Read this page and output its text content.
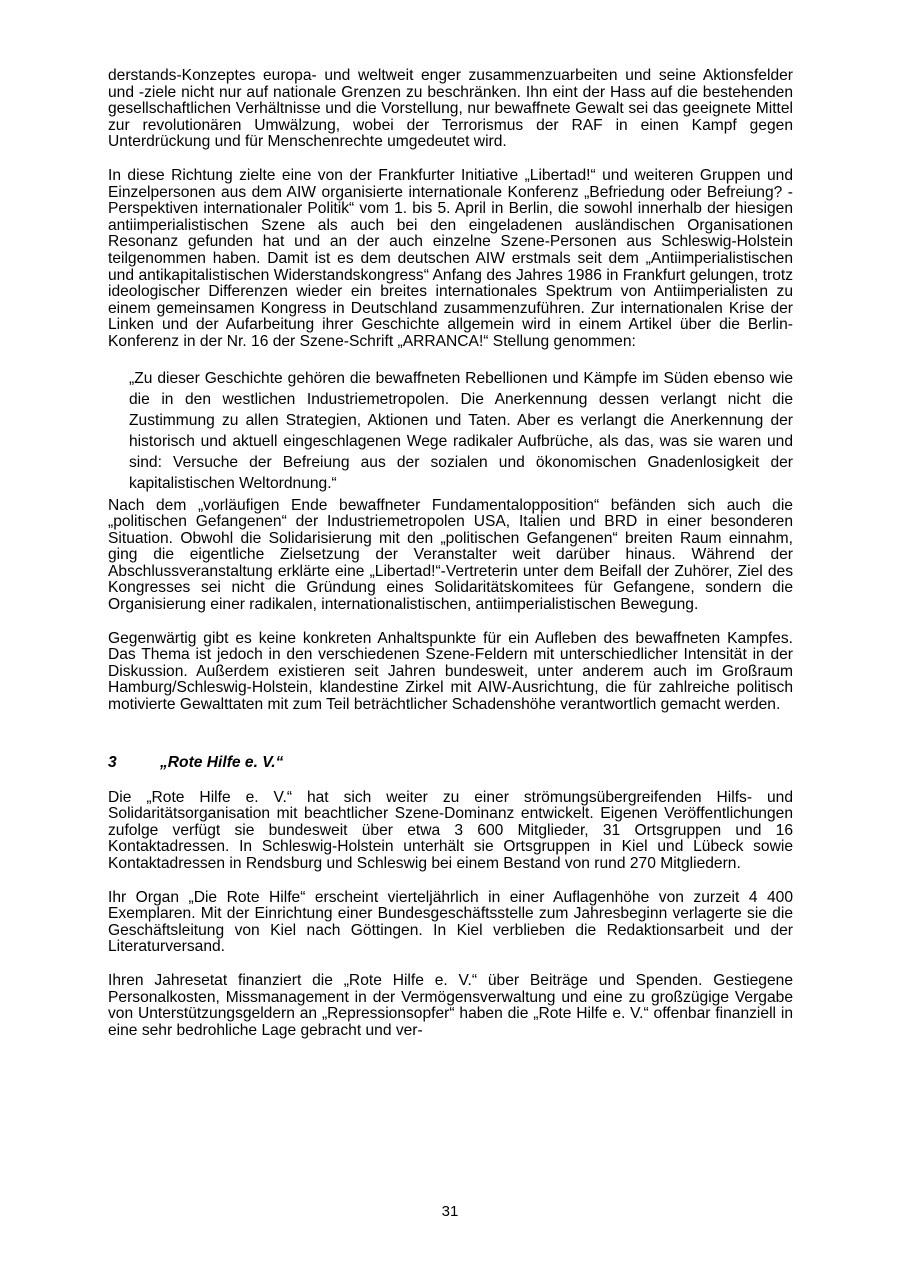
derstands-Konzeptes europa- und weltweit enger zusammenzuarbeiten und seine Aktionsfelder und -ziele nicht nur auf nationale Grenzen zu beschränken. Ihn eint der Hass auf die bestehenden gesellschaftlichen Verhältnisse und die Vorstellung, nur bewaffnete Gewalt sei das geeignete Mittel zur revolutionären Umwälzung, wobei der Terrorismus der RAF in einen Kampf gegen Unterdrückung und für Menschenrechte umgedeutet wird.

In diese Richtung zielte eine von der Frankfurter Initiative „Libertad!“ und weiteren Gruppen und Einzelpersonen aus dem AIW organisierte internationale Konferenz „Befriedung oder Befreiung? - Perspektiven internationaler Politik“ vom 1. bis 5. April in Berlin, die sowohl innerhalb der hiesigen antiimperialistischen Szene als auch bei den eingeladenen ausländischen Organisationen Resonanz gefunden hat und an der auch einzelne Szene-Personen aus Schleswig-Holstein teilgenommen haben. Damit ist es dem deutschen AIW erstmals seit dem „Antiimperialistischen und antikapitalistischen Widerstandskongress“ Anfang des Jahres 1986 in Frankfurt gelungen, trotz ideologischer Differenzen wieder ein breites internationales Spektrum von Antiimperialisten zu einem gemeinsamen Kongress in Deutschland zusammenzuführen. Zur internationalen Krise der Linken und der Aufarbeitung ihrer Geschichte allgemein wird in einem Artikel über die Berlin-Konferenz in der Nr. 16 der Szene-Schrift „ARRANCA!“ Stellung genommen:

„Zu dieser Geschichte gehören die bewaffneten Rebellionen und Kämpfe im Süden ebenso wie die in den westlichen Industriemetropolen. Die Anerkennung dessen verlangt nicht die Zustimmung zu allen Strategien, Aktionen und Taten. Aber es verlangt die Anerkennung der historisch und aktuell eingeschlagenen Wege radikaler Aufbrüche, als das, was sie waren und sind: Versuche der Befreiung aus der sozialen und ökonomischen Gnadenlosigkeit der kapitalistischen Weltordnung.“

Nach dem „vorläufigen Ende bewaffneter Fundamentalopposition“ befänden sich auch die „politischen Gefangenen“ der Industriemetropolen USA, Italien und BRD in einer besonderen Situation. Obwohl die Solidarisierung mit den „politischen Gefangenen“ breiten Raum einnahm, ging die eigentliche Zielsetzung der Veranstalter weit darüber hinaus. Während der Abschlussveranstaltung erklärte eine „Libertad!“-Vertreterin unter dem Beifall der Zuhörer, Ziel des Kongresses sei nicht die Gründung eines Solidaritätskomitees für Gefangene, sondern die Organisierung einer radikalen, internationalistischen, antiimperialistischen Bewegung.

Gegenwärtig gibt es keine konkreten Anhaltspunkte für ein Aufleben des bewaffneten Kampfes. Das Thema ist jedoch in den verschiedenen Szene-Feldern mit unterschiedlicher Intensität in der Diskussion. Außerdem existieren seit Jahren bundesweit, unter anderem auch im Großraum Hamburg/Schleswig-Holstein, klandestine Zirkel mit AIW-Ausrichtung, die für zahlreiche politisch motivierte Gewalttaten mit zum Teil beträchtlicher Schadenshöhe verantwortlich gemacht werden.

3	„Rote Hilfe e. V.“

Die „Rote Hilfe e. V.“ hat sich weiter zu einer strömungsübergreifenden Hilfs- und Solidaritätsorganisation mit beachtlicher Szene-Dominanz entwickelt. Eigenen Veröffentlichungen zufolge verfügt sie bundesweit über etwa 3 600 Mitglieder, 31 Ortsgruppen und 16 Kontaktadressen. In Schleswig-Holstein unterhält sie Ortsgruppen in Kiel und Lübeck sowie Kontaktadressen in Rendsburg und Schleswig bei einem Bestand von rund 270 Mitgliedern.

Ihr Organ „Die Rote Hilfe“ erscheint vierteljährlich in einer Auflagenhöhe von zurzeit 4 400 Exemplaren. Mit der Einrichtung einer Bundesgeschäftsstelle zum Jahresbeginn verlagerte sie die Geschäftsleitung von Kiel nach Göttingen. In Kiel verblieben die Redaktionsarbeit und der Literaturversand.

Ihren Jahresetat finanziert die „Rote Hilfe e. V.“ über Beiträge und Spenden. Gestiegene Personalkosten, Missmanagement in der Vermögensverwaltung und eine zu großzügige Vergabe von Unterstützungsgeldern an „Repressionsopfer“ haben die „Rote Hilfe e. V.“ offenbar finanziell in eine sehr bedrohliche Lage gebracht und ver-

31
